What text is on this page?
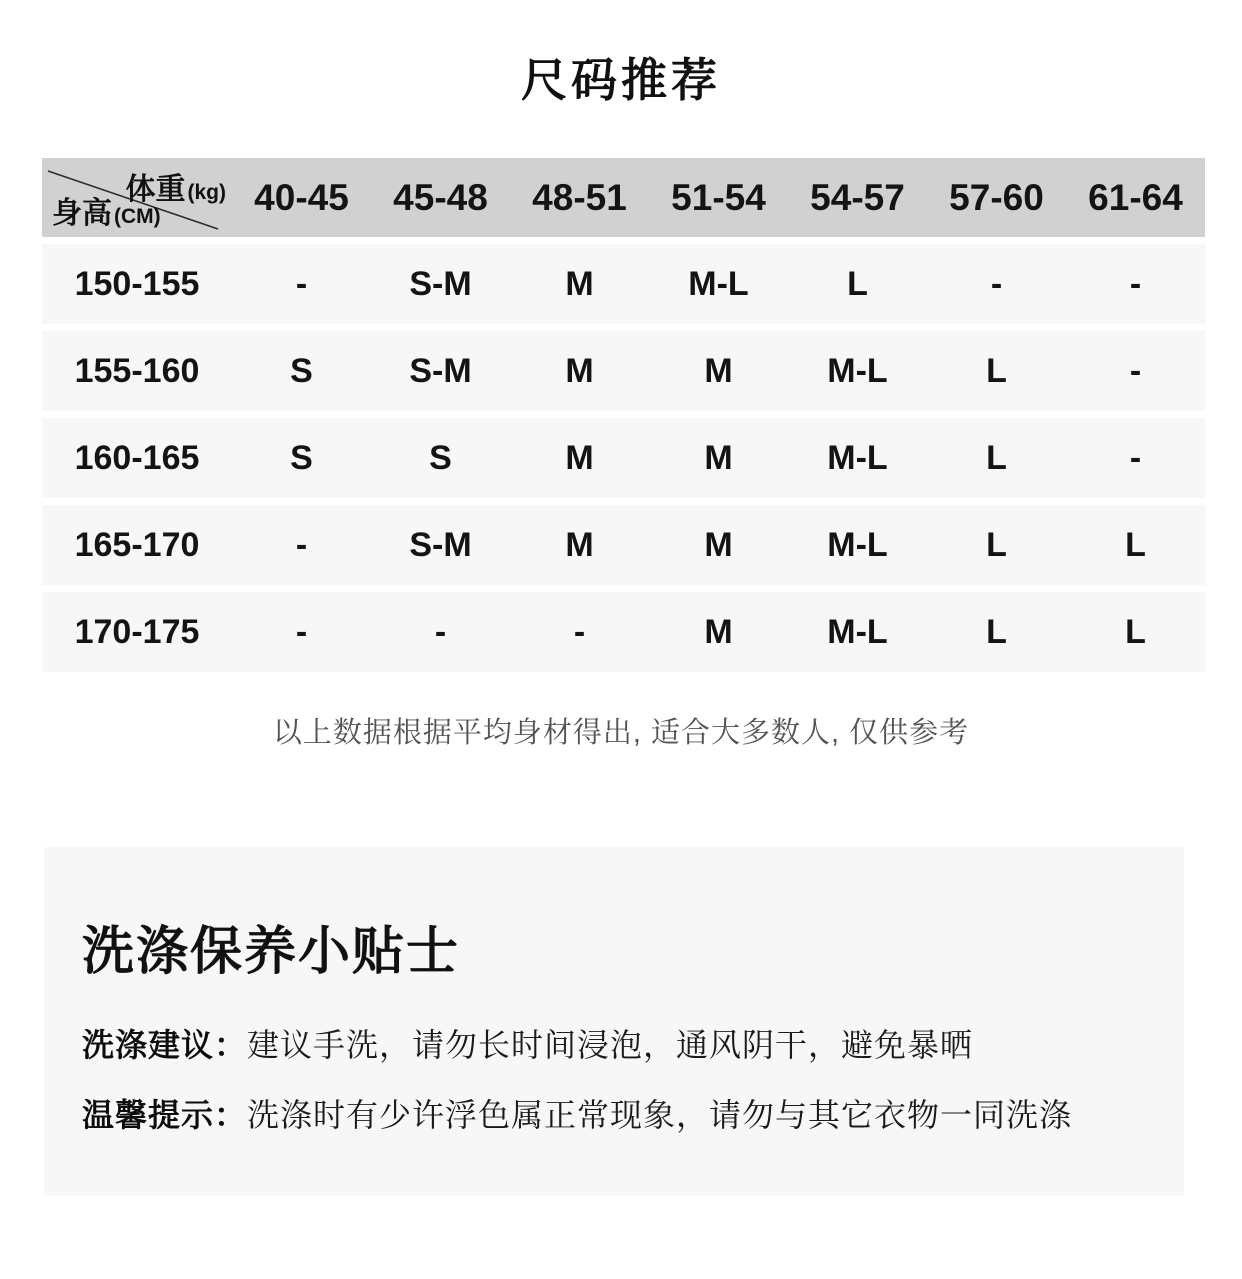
尺码推荐
体重 (kg)
身高 (CM)	40-45	45-48	48-51	51-54	54-57	57-60	61-64
150-155	-	S-M	M	M-L	L	-	-
155-160	S	S-M	M	M	M-L	L	-
160-165	S	S	M	M	M-L	L	-
165-170	-	S-M	M	M	M-L	L	L
170-175	-	-	-	M	M-L	L	L

以上数据根据平均身材得出, 适合大多数人, 仅供参考

洗涤保养小贴士

洗涤建议：建议手洗，请勿长时间浸泡，通风阴干，避免暴晒

温馨提示：洗涤时有少许浮色属正常现象，请勿与其它衣物一同洗涤
